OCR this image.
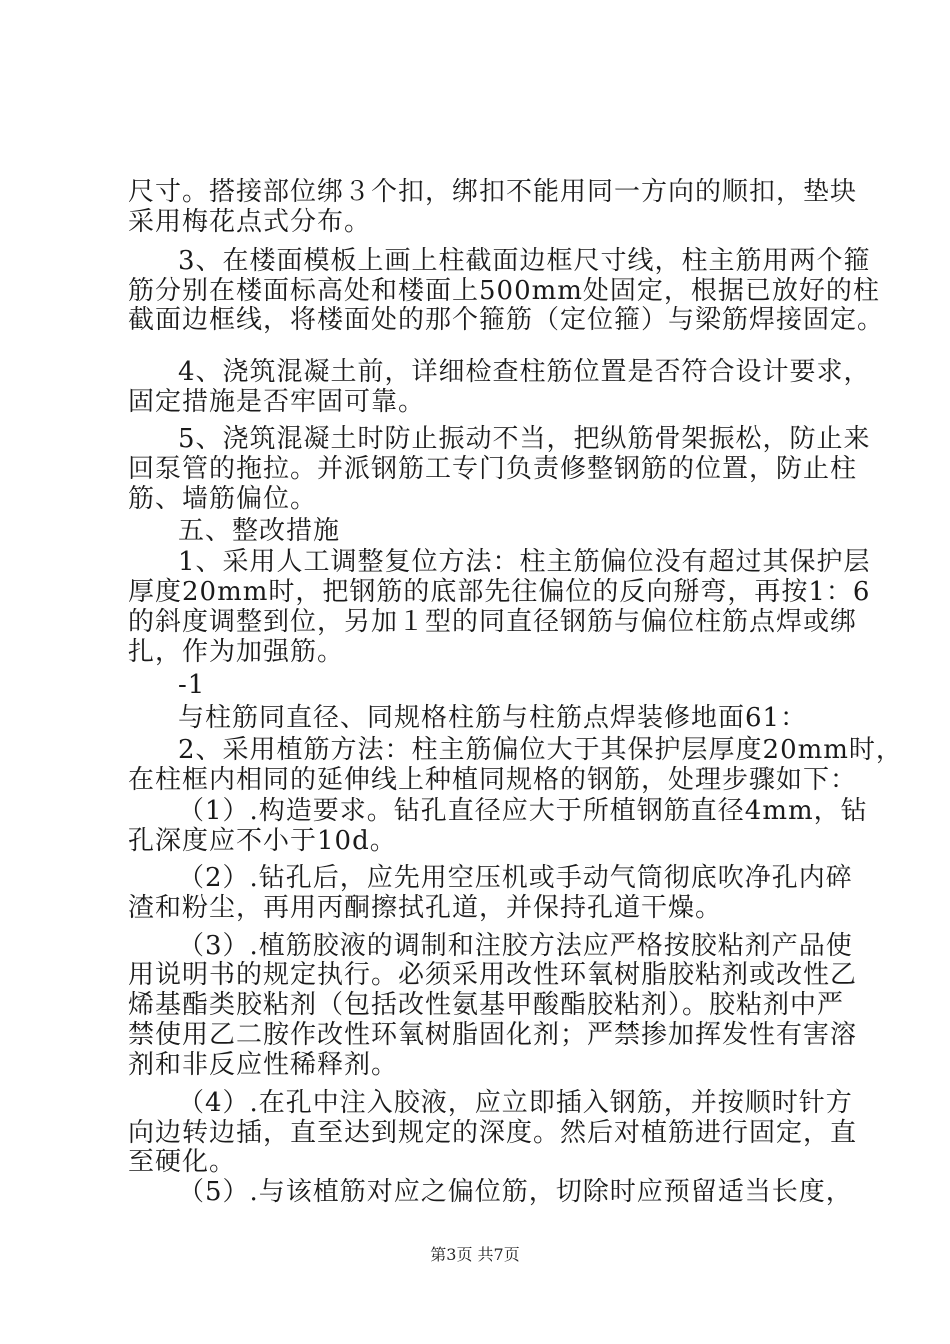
尺寸。搭接部位绑３个扣，绑扣不能用同一方向的顺扣，垫块
采用梅花点式分布。
3、在楼面模板上画上柱截面边框尺寸线，柱主筋用两个箍
筋分别在楼面标高处和楼面上500mm处固定，根据已放好的柱
截面边框线，将楼面处的那个箍筋（定位箍）与梁筋焊接固定。
4、浇筑混凝土前，详细检查柱筋位置是否符合设计要求，
固定措施是否牢固可靠。
5、浇筑混凝土时防止振动不当，把纵筋骨架振松，防止来
回泵管的拖拉。并派钢筋工专门负责修整钢筋的位置，防止柱
筋、墙筋偏位。
五、整改措施
1、采用人工调整复位方法：柱主筋偏位没有超过其保护层
厚度20mm时，把钢筋的底部先往偏位的反向掰弯，再按1：6
的斜度调整到位，另加１型的同直径钢筋与偏位柱筋点焊或绑
扎，作为加强筋。
-1
与柱筋同直径、同规格柱筋与柱筋点焊装修地面61：
2、采用植筋方法：柱主筋偏位大于其保护层厚度20mm时，
在柱框内相同的延伸线上种植同规格的钢筋，处理步骤如下：
（1）.构造要求。钻孔直径应大于所植钢筋直径4mm，钻
孔深度应不小于10d。
（2）.钻孔后，应先用空压机或手动气筒彻底吹净孔内碎
渣和粉尘，再用丙酮擦拭孔道，并保持孔道干燥。
（3）.植筋胶液的调制和注胶方法应严格按胶粘剂产品使
用说明书的规定执行。必须采用改性环氧树脂胶粘剂或改性乙
烯基酯类胶粘剂（包括改性氨基甲酸酯胶粘剂）。胶粘剂中严
禁使用乙二胺作改性环氧树脂固化剂；严禁掺加挥发性有害溶
剂和非反应性稀释剂。
（4）.在孔中注入胶液，应立即插入钢筋，并按顺时针方
向边转边插，直至达到规定的深度。然后对植筋进行固定，直
至硬化。
（5）.与该植筋对应之偏位筋，切除时应预留适当长度，
第3页 共7页
